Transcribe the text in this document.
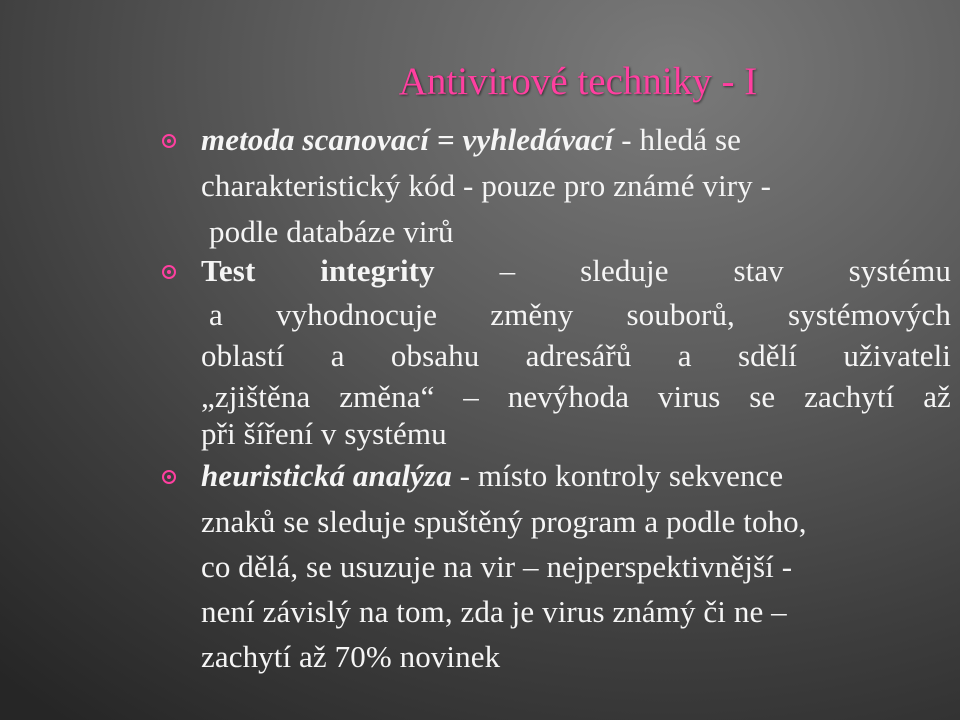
Antivirové techniky - I
metoda scanovací = vyhledávací - hledá se
charakteristický kód - pouze pro známé viry -
podle databáze virů
Test integrity – sleduje stav systému
a vyhodnocuje změny souborů, systémových
oblastí a obsahu adresářů a sdělí uživateli
„zjištěna změna“ – nevýhoda virus se zachytí až
při šíření v systému
heuristická analýza - místo kontroly sekvence
znaků se sleduje spuštěný program a podle toho,
co dělá, se usuzuje na vir – nejperspektivnější -
není závislý na tom, zda je virus známý či ne –
zachytí až 70% novinek
